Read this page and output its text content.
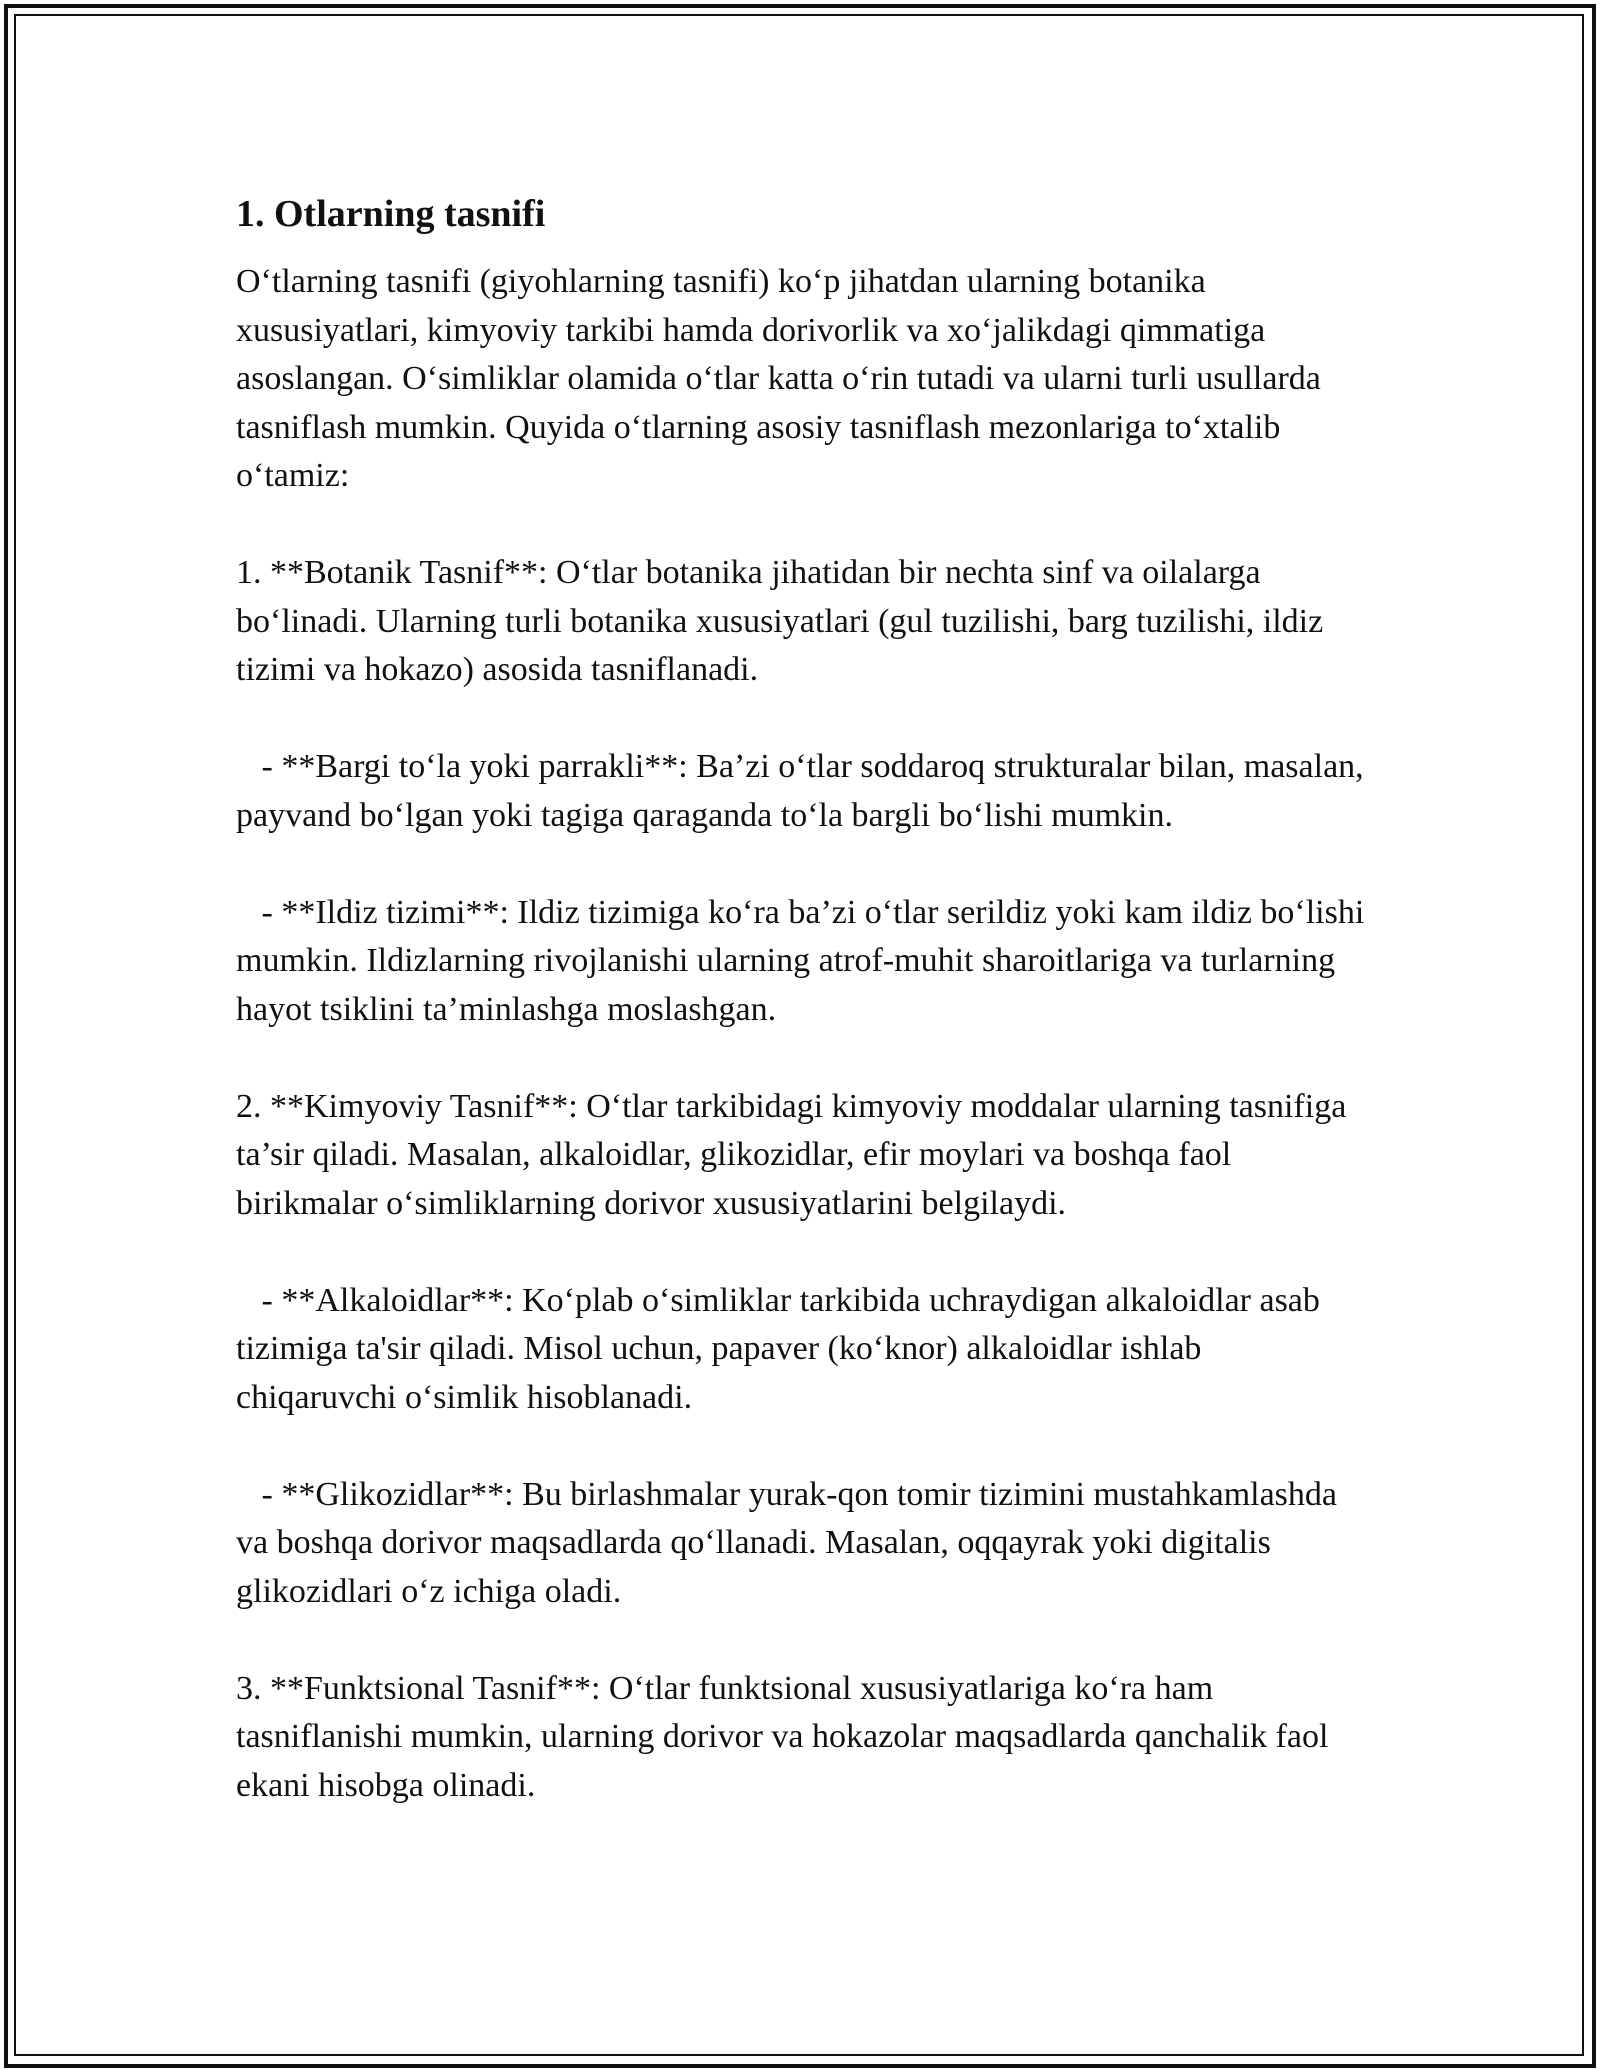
1. Otlarning tasnifi

Oʻtlarning tasnifi (giyohlarning tasnifi) koʻp jihatdan ularning botanika xususiyatlari, kimyoviy tarkibi hamda dorivorlik va xoʻjalikdagi qimmatiga asoslangan. Oʻsimliklar olamida oʻtlar katta oʻrin tutadi va ularni turli usullarda tasniflash mumkin. Quyida oʻtlarning asosiy tasniflash mezonlariga toʻxtalib oʻtamiz:

1. **Botanik Tasnif**: Oʻtlar botanika jihatidan bir nechta sinf va oilalarga boʻlinadi. Ularning turli botanika xususiyatlari (gul tuzilishi, barg tuzilishi, ildiz tizimi va hokazo) asosida tasniflanadi.

- **Bargi toʻla yoki parrakli**: Ba’zi oʻtlar soddaroq strukturalar bilan, masalan, payvand boʻlgan yoki tagiga qaraganda toʻla bargli boʻlishi mumkin.

- **Ildiz tizimi**: Ildiz tizimiga koʻra ba’zi oʻtlar serildiz yoki kam ildiz boʻlishi mumkin. Ildizlarning rivojlanishi ularning atrof-muhit sharoitlariga va turlarning hayot tsiklini ta’minlashga moslashgan.

2. **Kimyoviy Tasnif**: Oʻtlar tarkibidagi kimyoviy moddalar ularning tasnifiga ta’sir qiladi. Masalan, alkaloidlar, glikozidlar, efir moylari va boshqa faol birikmalar oʻsimliklarning dorivor xususiyatlarini belgilaydi.

- **Alkaloidlar**: Koʻplab oʻsimliklar tarkibida uchraydigan alkaloidlar asab tizimiga ta'sir qiladi. Misol uchun, papaver (koʻknor) alkaloidlar ishlab chiqaruvchi oʻsimlik hisoblanadi.

- **Glikozidlar**: Bu birlashmalar yurak-qon tomir tizimini mustahkamlashda va boshqa dorivor maqsadlarda qoʻllanadi. Masalan, oqqayrak yoki digitalis glikozidlari oʻz ichiga oladi.

3. **Funktsional Tasnif**: Oʻtlar funktsional xususiyatlariga koʻra ham tasniflanishi mumkin, ularning dorivor va hokazolar maqsadlarda qanchalik faol ekani hisobga olinadi.
